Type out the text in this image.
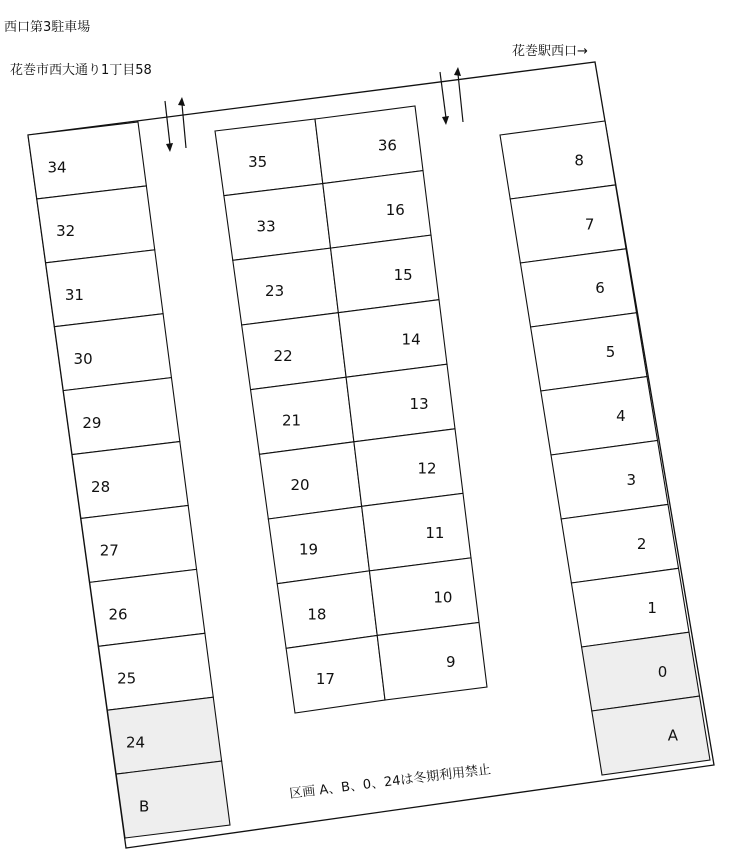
西口第3駐車場
花巻市西大通り1丁目58
花巻駅西口→
34
32
31
30
29
28
27
26
25
24
B
35
33
23
22
21
20
19
18
17
36
16
15
14
13
12
11
10
9
8
7
6
5
4
3
2
1
0
A
区画 A、B、0、24は冬期利用禁止
